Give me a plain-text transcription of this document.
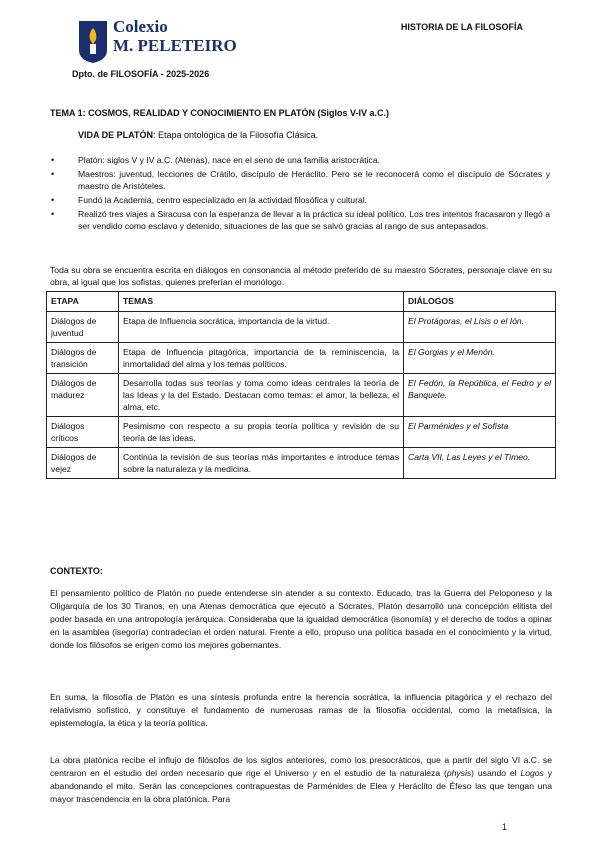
Colexio
M. PELETEIRO
HISTORIA DE LA FILOSOFÍA
Dpto. de FILOSOFÍA - 2025-2026
TEMA 1: COSMOS, REALIDAD Y CONOCIMIENTO EN PLATÓN (Siglos V-IV a.C.)
VIDA DE PLATÓN: Etapa ontológica de la Filosofía Clásica.
• Platón: siglos V y IV a.C. (Atenas), nace en el seno de una familia aristocrática.
• Maestros: juventud, lecciones de Crátilo, discípulo de Heráclito. Pero se le reconocerá como el discípulo de Sócrates y maestro de Aristóteles.
• Fundó la Academia, centro especializado en la actividad filosófica y cultural.
• Realizó tres viajes a Siracusa con la esperanza de llevar a la práctica su ideal político. Los tres intentos fracasaron y llegó a ser vendido como esclavo y detenido, situaciones de las que se salvó gracias al rango de sus antepasados.
Toda su obra se encuentra escrita en diálogos en consonancia al método preferido de su maestro Sócrates, personaje clave en su obra, al igual que los sofistas, quienes preferían el monólogo.
ETAPA	TEMAS	DIÁLOGOS
Diálogos de juventud	Etapa de Influencia socrática, importancia de la virtud.	El Protágoras, el Lisis o el Ión.
Diálogos de transición	Etapa de Influencia pitagórica, importancia de la reminiscencia, la inmortalidad del alma y los temas políticos.	El Gorgias y el Menón.
Diálogos de madurez	Desarrolla todas sus teorías y toma como ideas centrales la teoría de las Ideas y la del Estado. Destacan como temas: el amor, la belleza, el alma, etc.	El Fedón, la República, el Fedro y el Banquete.
Diálogos críticos	Pesimismo con respecto a su propia teoría política y revisión de su teoría de las ideas.	El Parménides y el Sofista
Diálogos de vejez	Continúa la revisión de sus teorías más importantes e introduce temas sobre la naturaleza y la medicina.	Carta VII, Las Leyes y el Timeo.
CONTEXTO:
El pensamiento político de Platón no puede entenderse sin atender a su contexto. Educado, tras la Guerra del Peloponeso y la Oligarquía de los 30 Tiranos, en una Atenas democrática que ejecutó a Sócrates, Platón desarrolló una concepción elitista del poder basada en una antropología jerárquica. Consideraba que la igualdad democrática (isonomía) y el derecho de todos a opinar en la asamblea (isegoría) contradecían el orden natural. Frente a ello, propuso una política basada en el conocimiento y la virtud, donde los filósofos se erigen como los mejores gobernantes.
En suma, la filosofía de Platón es una síntesis profunda entre la herencia socrática, la influencia pitagórica y el rechazo del relativismo sofístico, y constituye el fundamento de numerosas ramas de la filosofía occidental, como la metafísica, la epistemología, la ética y la teoría política.
La obra platónica recibe el influjo de filósofos de los siglos anteriores, como los presocráticos, que a partir del siglo VI a.C. se centraron en el estudio del orden necesario que rige el Universo y en el estudio de la naturaleza (physis) usando el Logos y abandonando el mito. Serán las concepciones contrapuestas de Parménides de Elea y Heráclito de Éfeso las que tengan una mayor trascendencia en la obra platónica. Para
1
